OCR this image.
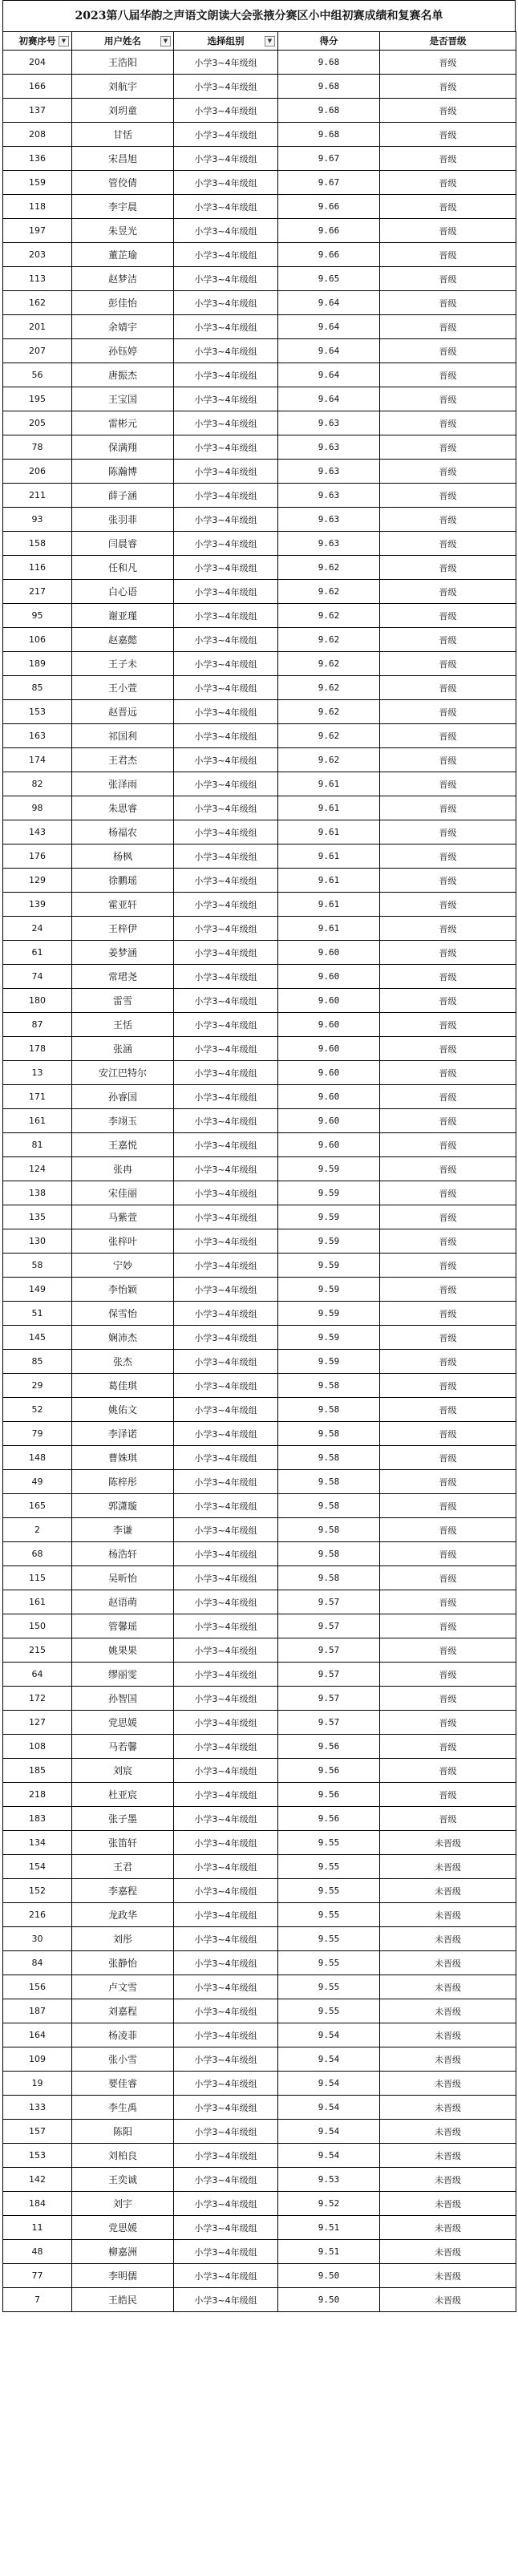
2023第八届华韵之声语文朗读大会张掖分赛区小中组初赛成绩和复赛名单
初赛序号 ▼	用户姓名 ▼	选择组别 ▼	得分	是否晋级
204	王浩阳	小学3~4年级组	9.68	晋级
166	刘航宇	小学3~4年级组	9.68	晋级
137	刘玥童	小学3~4年级组	9.68	晋级
208	甘恬	小学3~4年级组	9.68	晋级
136	宋昌旭	小学3~4年级组	9.67	晋级
159	管佼倩	小学3~4年级组	9.67	晋级
118	李宇晨	小学3~4年级组	9.66	晋级
197	朱昱光	小学3~4年级组	9.66	晋级
203	董芷瑜	小学3~4年级组	9.66	晋级
113	赵梦洁	小学3~4年级组	9.65	晋级
162	彭佳怡	小学3~4年级组	9.64	晋级
201	余婧宇	小学3~4年级组	9.64	晋级
207	孙钰婷	小学3~4年级组	9.64	晋级
56	唐振杰	小学3~4年级组	9.64	晋级
195	王宝国	小学3~4年级组	9.64	晋级
205	雷彬元	小学3~4年级组	9.63	晋级
78	保满翔	小学3~4年级组	9.63	晋级
206	陈瀚博	小学3~4年级组	9.63	晋级
211	薛子涵	小学3~4年级组	9.63	晋级
93	张羽菲	小学3~4年级组	9.63	晋级
158	闫晨睿	小学3~4年级组	9.63	晋级
116	任和凡	小学3~4年级组	9.62	晋级
217	白心语	小学3~4年级组	9.62	晋级
95	谢亚瑾	小学3~4年级组	9.62	晋级
106	赵嘉懿	小学3~4年级组	9.62	晋级
189	王子未	小学3~4年级组	9.62	晋级
85	王小萱	小学3~4年级组	9.62	晋级
153	赵晋远	小学3~4年级组	9.62	晋级
163	祁国利	小学3~4年级组	9.62	晋级
174	王君杰	小学3~4年级组	9.62	晋级
82	张泽雨	小学3~4年级组	9.61	晋级
98	朱思睿	小学3~4年级组	9.61	晋级
143	杨福农	小学3~4年级组	9.61	晋级
176	杨枫	小学3~4年级组	9.61	晋级
129	徐鹏瑶	小学3~4年级组	9.61	晋级
139	霍亚轩	小学3~4年级组	9.61	晋级
24	王梓伊	小学3~4年级组	9.61	晋级
61	姜梦涵	小学3~4年级组	9.60	晋级
74	常珺尧	小学3~4年级组	9.60	晋级
180	雷雪	小学3~4年级组	9.60	晋级
87	王恬	小学3~4年级组	9.60	晋级
178	张涵	小学3~4年级组	9.60	晋级
13	安江巴特尔	小学3~4年级组	9.60	晋级
171	孙睿国	小学3~4年级组	9.60	晋级
161	李翊玉	小学3~4年级组	9.60	晋级
81	王嘉悦	小学3~4年级组	9.60	晋级
124	张冉	小学3~4年级组	9.59	晋级
138	宋佳丽	小学3~4年级组	9.59	晋级
135	马紫萱	小学3~4年级组	9.59	晋级
130	张梓叶	小学3~4年级组	9.59	晋级
58	宁妙	小学3~4年级组	9.59	晋级
149	李怡颖	小学3~4年级组	9.59	晋级
51	保雪怡	小学3~4年级组	9.59	晋级
145	娴沛杰	小学3~4年级组	9.59	晋级
85	张杰	小学3~4年级组	9.59	晋级
29	葛佳琪	小学3~4年级组	9.58	晋级
52	姚佑文	小学3~4年级组	9.58	晋级
79	李泽诺	小学3~4年级组	9.58	晋级
148	曹姝琪	小学3~4年级组	9.58	晋级
49	陈梓彤	小学3~4年级组	9.58	晋级
165	郭潇璇	小学3~4年级组	9.58	晋级
2	李谦	小学3~4年级组	9.58	晋级
68	杨浩轩	小学3~4年级组	9.58	晋级
115	吴昕怡	小学3~4年级组	9.58	晋级
161	赵语萌	小学3~4年级组	9.57	晋级
150	管馨瑶	小学3~4年级组	9.57	晋级
215	姚果果	小学3~4年级组	9.57	晋级
64	缪丽雯	小学3~4年级组	9.57	晋级
172	孙智国	小学3~4年级组	9.57	晋级
127	党思媛	小学3~4年级组	9.57	晋级
108	马若馨	小学3~4年级组	9.56	晋级
185	刘宸	小学3~4年级组	9.56	晋级
218	杜亚宸	小学3~4年级组	9.56	晋级
183	张子墨	小学3~4年级组	9.56	晋级
134	张笛轩	小学3~4年级组	9.55	未晋级
154	王君	小学3~4年级组	9.55	未晋级
152	李嘉程	小学3~4年级组	9.55	未晋级
216	龙政华	小学3~4年级组	9.55	未晋级
30	刘彤	小学3~4年级组	9.55	未晋级
84	张静怡	小学3~4年级组	9.55	未晋级
156	卢文雪	小学3~4年级组	9.55	未晋级
187	刘嘉程	小学3~4年级组	9.55	未晋级
164	杨凌菲	小学3~4年级组	9.54	未晋级
109	张小雪	小学3~4年级组	9.54	未晋级
19	要佳睿	小学3~4年级组	9.54	未晋级
133	李生禹	小学3~4年级组	9.54	未晋级
157	陈阳	小学3~4年级组	9.54	未晋级
153	刘柏良	小学3~4年级组	9.54	未晋级
142	王奕诚	小学3~4年级组	9.53	未晋级
184	刘宇	小学3~4年级组	9.52	未晋级
11	党思媛	小学3~4年级组	9.51	未晋级
48	柳嘉洲	小学3~4年级组	9.51	未晋级
77	李明儒	小学3~4年级组	9.50	未晋级
7	王皓民	小学3~4年级组	9.50	未晋级
